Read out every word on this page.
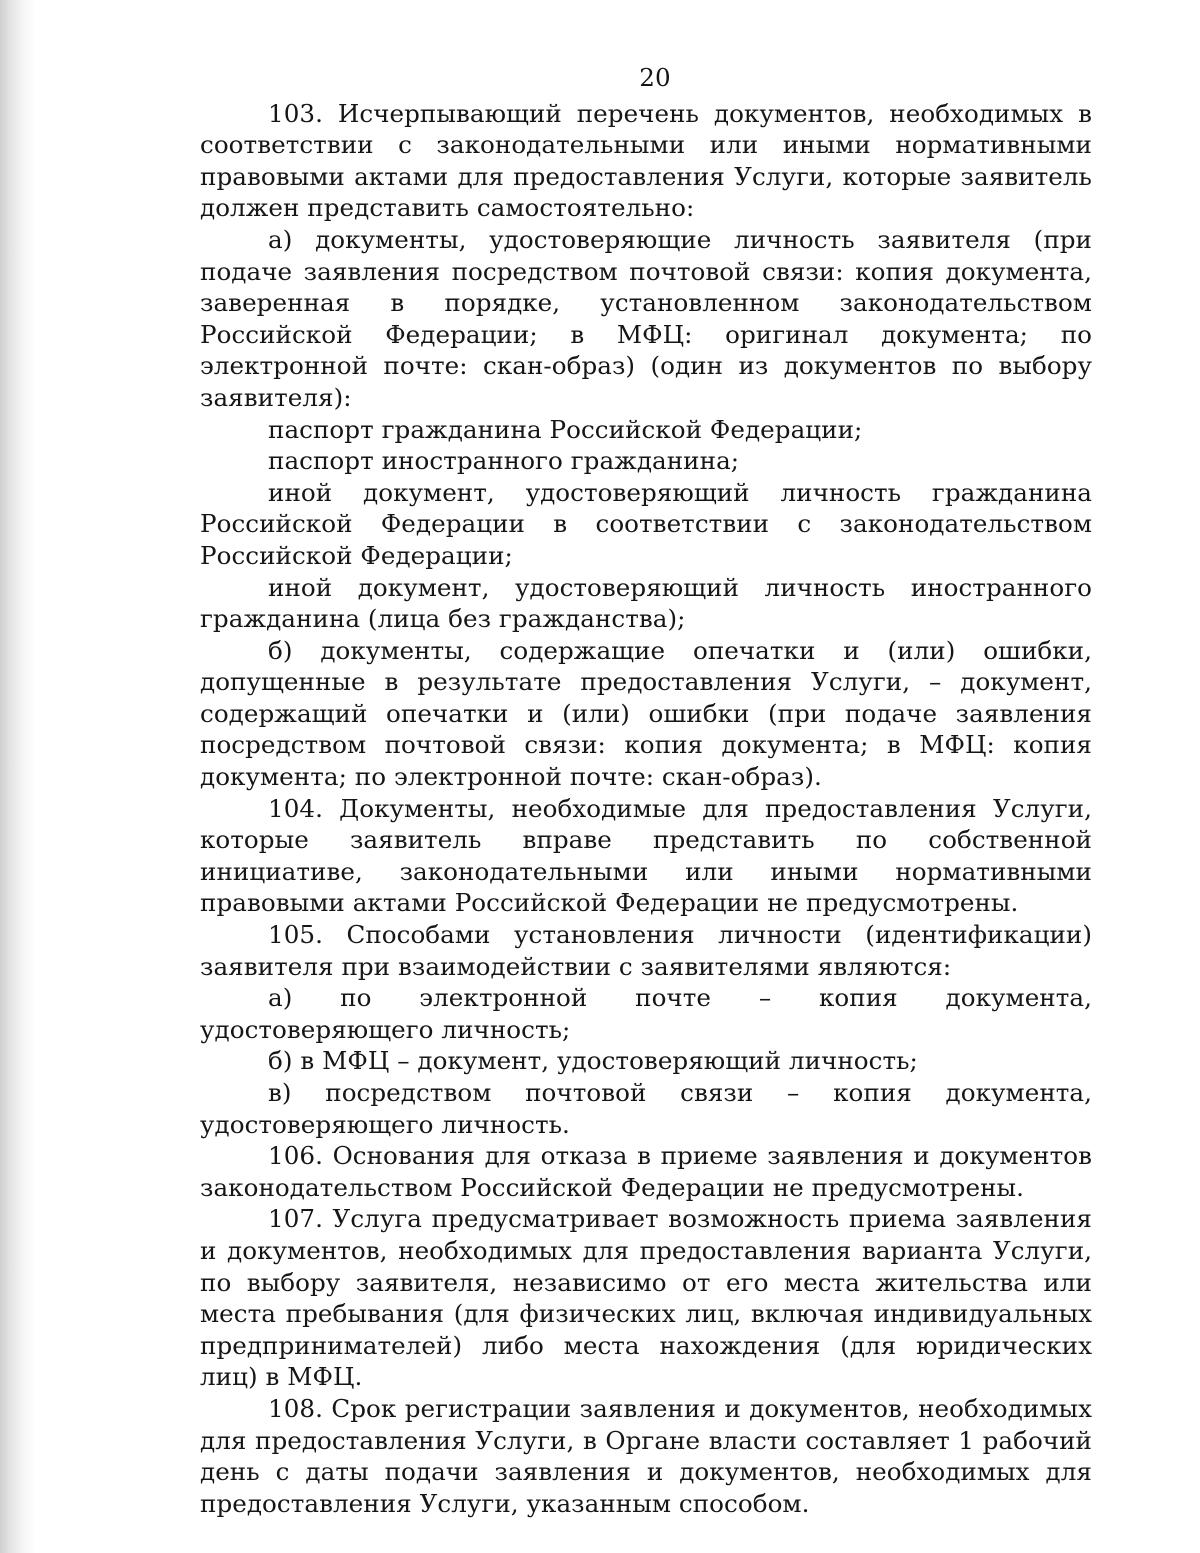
20

103. Исчерпывающий перечень документов, необходимых в соответствии с законодательными или иными нормативными правовыми актами для предоставления Услуги, которые заявитель должен представить самостоятельно:

а) документы, удостоверяющие личность заявителя (при подаче заявления посредством почтовой связи: копия документа, заверенная в порядке, установленном законодательством Российской Федерации; в МФЦ: оригинал документа; по электронной почте: скан-образ) (один из документов по выбору заявителя):

паспорт гражданина Российской Федерации;

паспорт иностранного гражданина;

иной документ, удостоверяющий личность гражданина Российской Федерации в соответствии с законодательством Российской Федерации;

иной документ, удостоверяющий личность иностранного гражданина (лица без гражданства);

б) документы, содержащие опечатки и (или) ошибки, допущенные в результате предоставления Услуги, – документ, содержащий опечатки и (или) ошибки (при подаче заявления посредством почтовой связи: копия документа; в МФЦ: копия документа; по электронной почте: скан-образ).

104. Документы, необходимые для предоставления Услуги, которые заявитель вправе представить по собственной инициативе, законодательными или иными нормативными правовыми актами Российской Федерации не предусмотрены.

105. Способами установления личности (идентификации) заявителя при взаимодействии с заявителями являются:

а) по электронной почте – копия документа, удостоверяющего личность;

б) в МФЦ – документ, удостоверяющий личность;

в) посредством почтовой связи – копия документа, удостоверяющего личность.

106. Основания для отказа в приеме заявления и документов законодательством Российской Федерации не предусмотрены.

107. Услуга предусматривает возможность приема заявления и документов, необходимых для предоставления варианта Услуги, по выбору заявителя, независимо от его места жительства или места пребывания (для физических лиц, включая индивидуальных предпринимателей) либо места нахождения (для юридических лиц) в МФЦ.

108. Срок регистрации заявления и документов, необходимых для предоставления Услуги, в Органе власти составляет 1 рабочий день с даты подачи заявления и документов, необходимых для предоставления Услуги, указанным способом.
